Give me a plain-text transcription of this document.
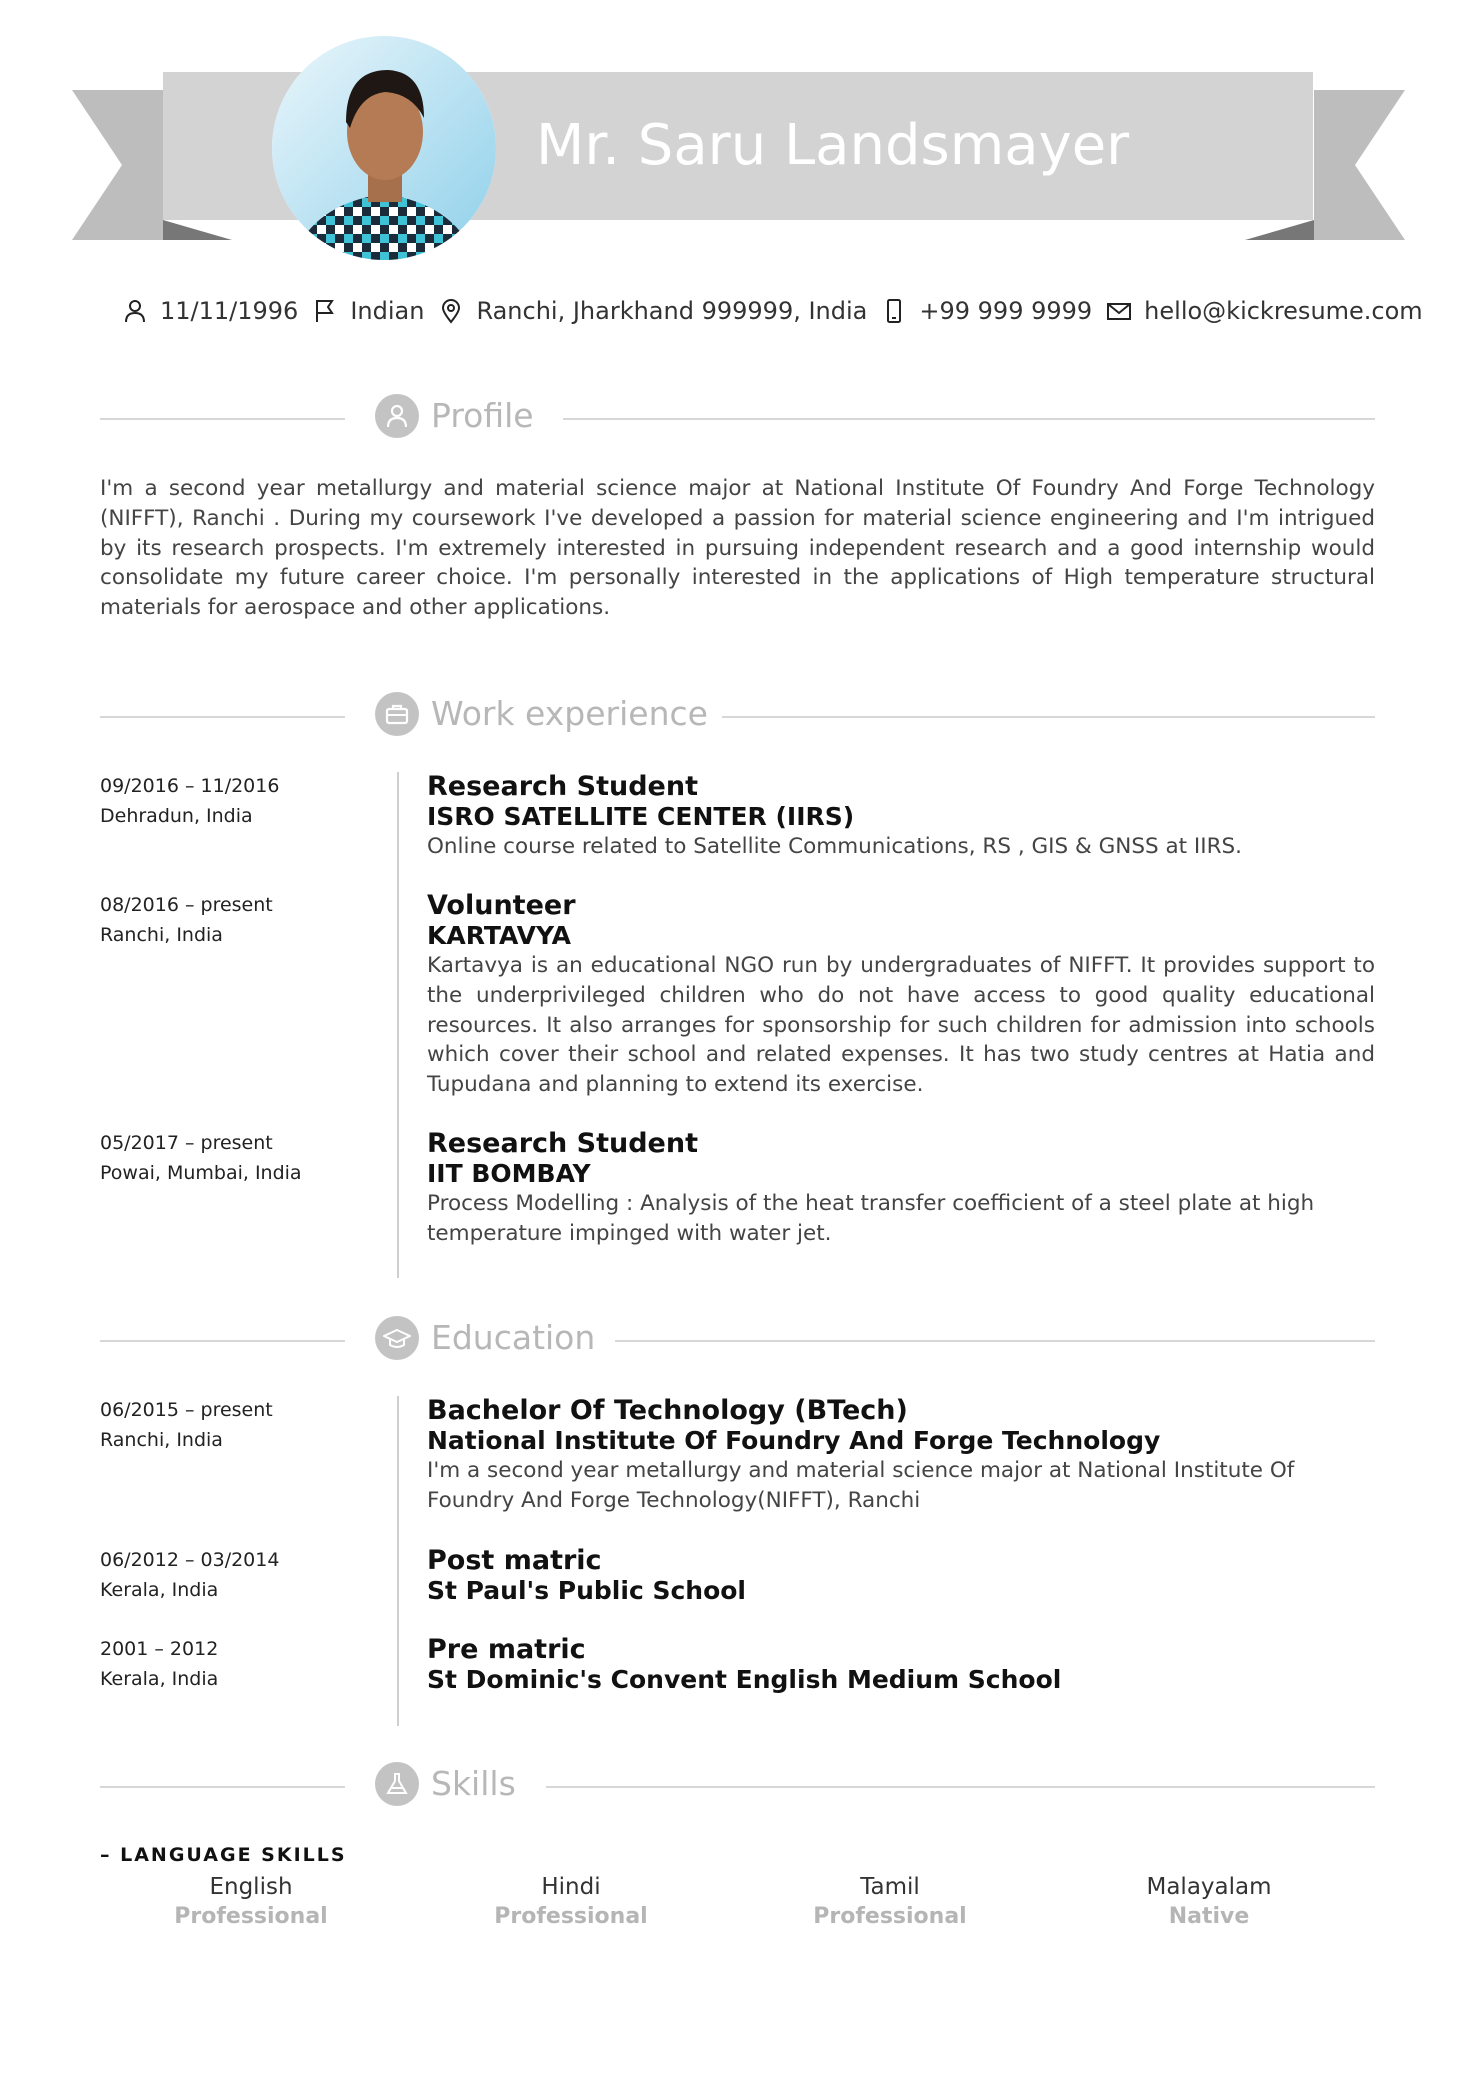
Mr. Saru Landsmayer
11/11/1996 Indian Ranchi, Jharkhand 999999, India +99 999 9999 hello@kickresume.com
Profile
I'm a second year metallurgy and material science major at National Institute Of Foundry And Forge Technology (NIFFT), Ranchi . During my coursework I've developed a passion for material science engineering and I'm intrigued by its research prospects. I'm extremely interested in pursuing independent research and a good internship would consolidate my future career choice. I'm personally interested in the applications of High temperature structural materials for aerospace and other applications.
Work experience
09/2016 – 11/2016
Dehradun, India
Research Student
ISRO SATELLITE CENTER (IIRS)
Online course related to Satellite Communications, RS , GIS & GNSS at IIRS.
08/2016 – present
Ranchi, India
Volunteer
KARTAVYA
Kartavya is an educational NGO run by undergraduates of NIFFT. It provides support to the underprivileged children who do not have access to good quality educational resources. It also arranges for sponsorship for such children for admission into schools which cover their school and related expenses. It has two study centres at Hatia and Tupudana and planning to extend its exercise.
05/2017 – present
Powai, Mumbai, India
Research Student
IIT BOMBAY
Process Modelling : Analysis of the heat transfer coefficient of a steel plate at high temperature impinged with water jet.
Education
06/2015 – present
Ranchi, India
Bachelor Of Technology (BTech)
National Institute Of Foundry And Forge Technology
I'm a second year metallurgy and material science major at National Institute Of Foundry And Forge Technology(NIFFT), Ranchi
06/2012 – 03/2014
Kerala, India
Post matric
St Paul's Public School
2001 – 2012
Kerala, India
Pre matric
St Dominic's Convent English Medium School
Skills
– LANGUAGE SKILLS
English
Professional
Hindi
Professional
Tamil
Professional
Malayalam
Native
